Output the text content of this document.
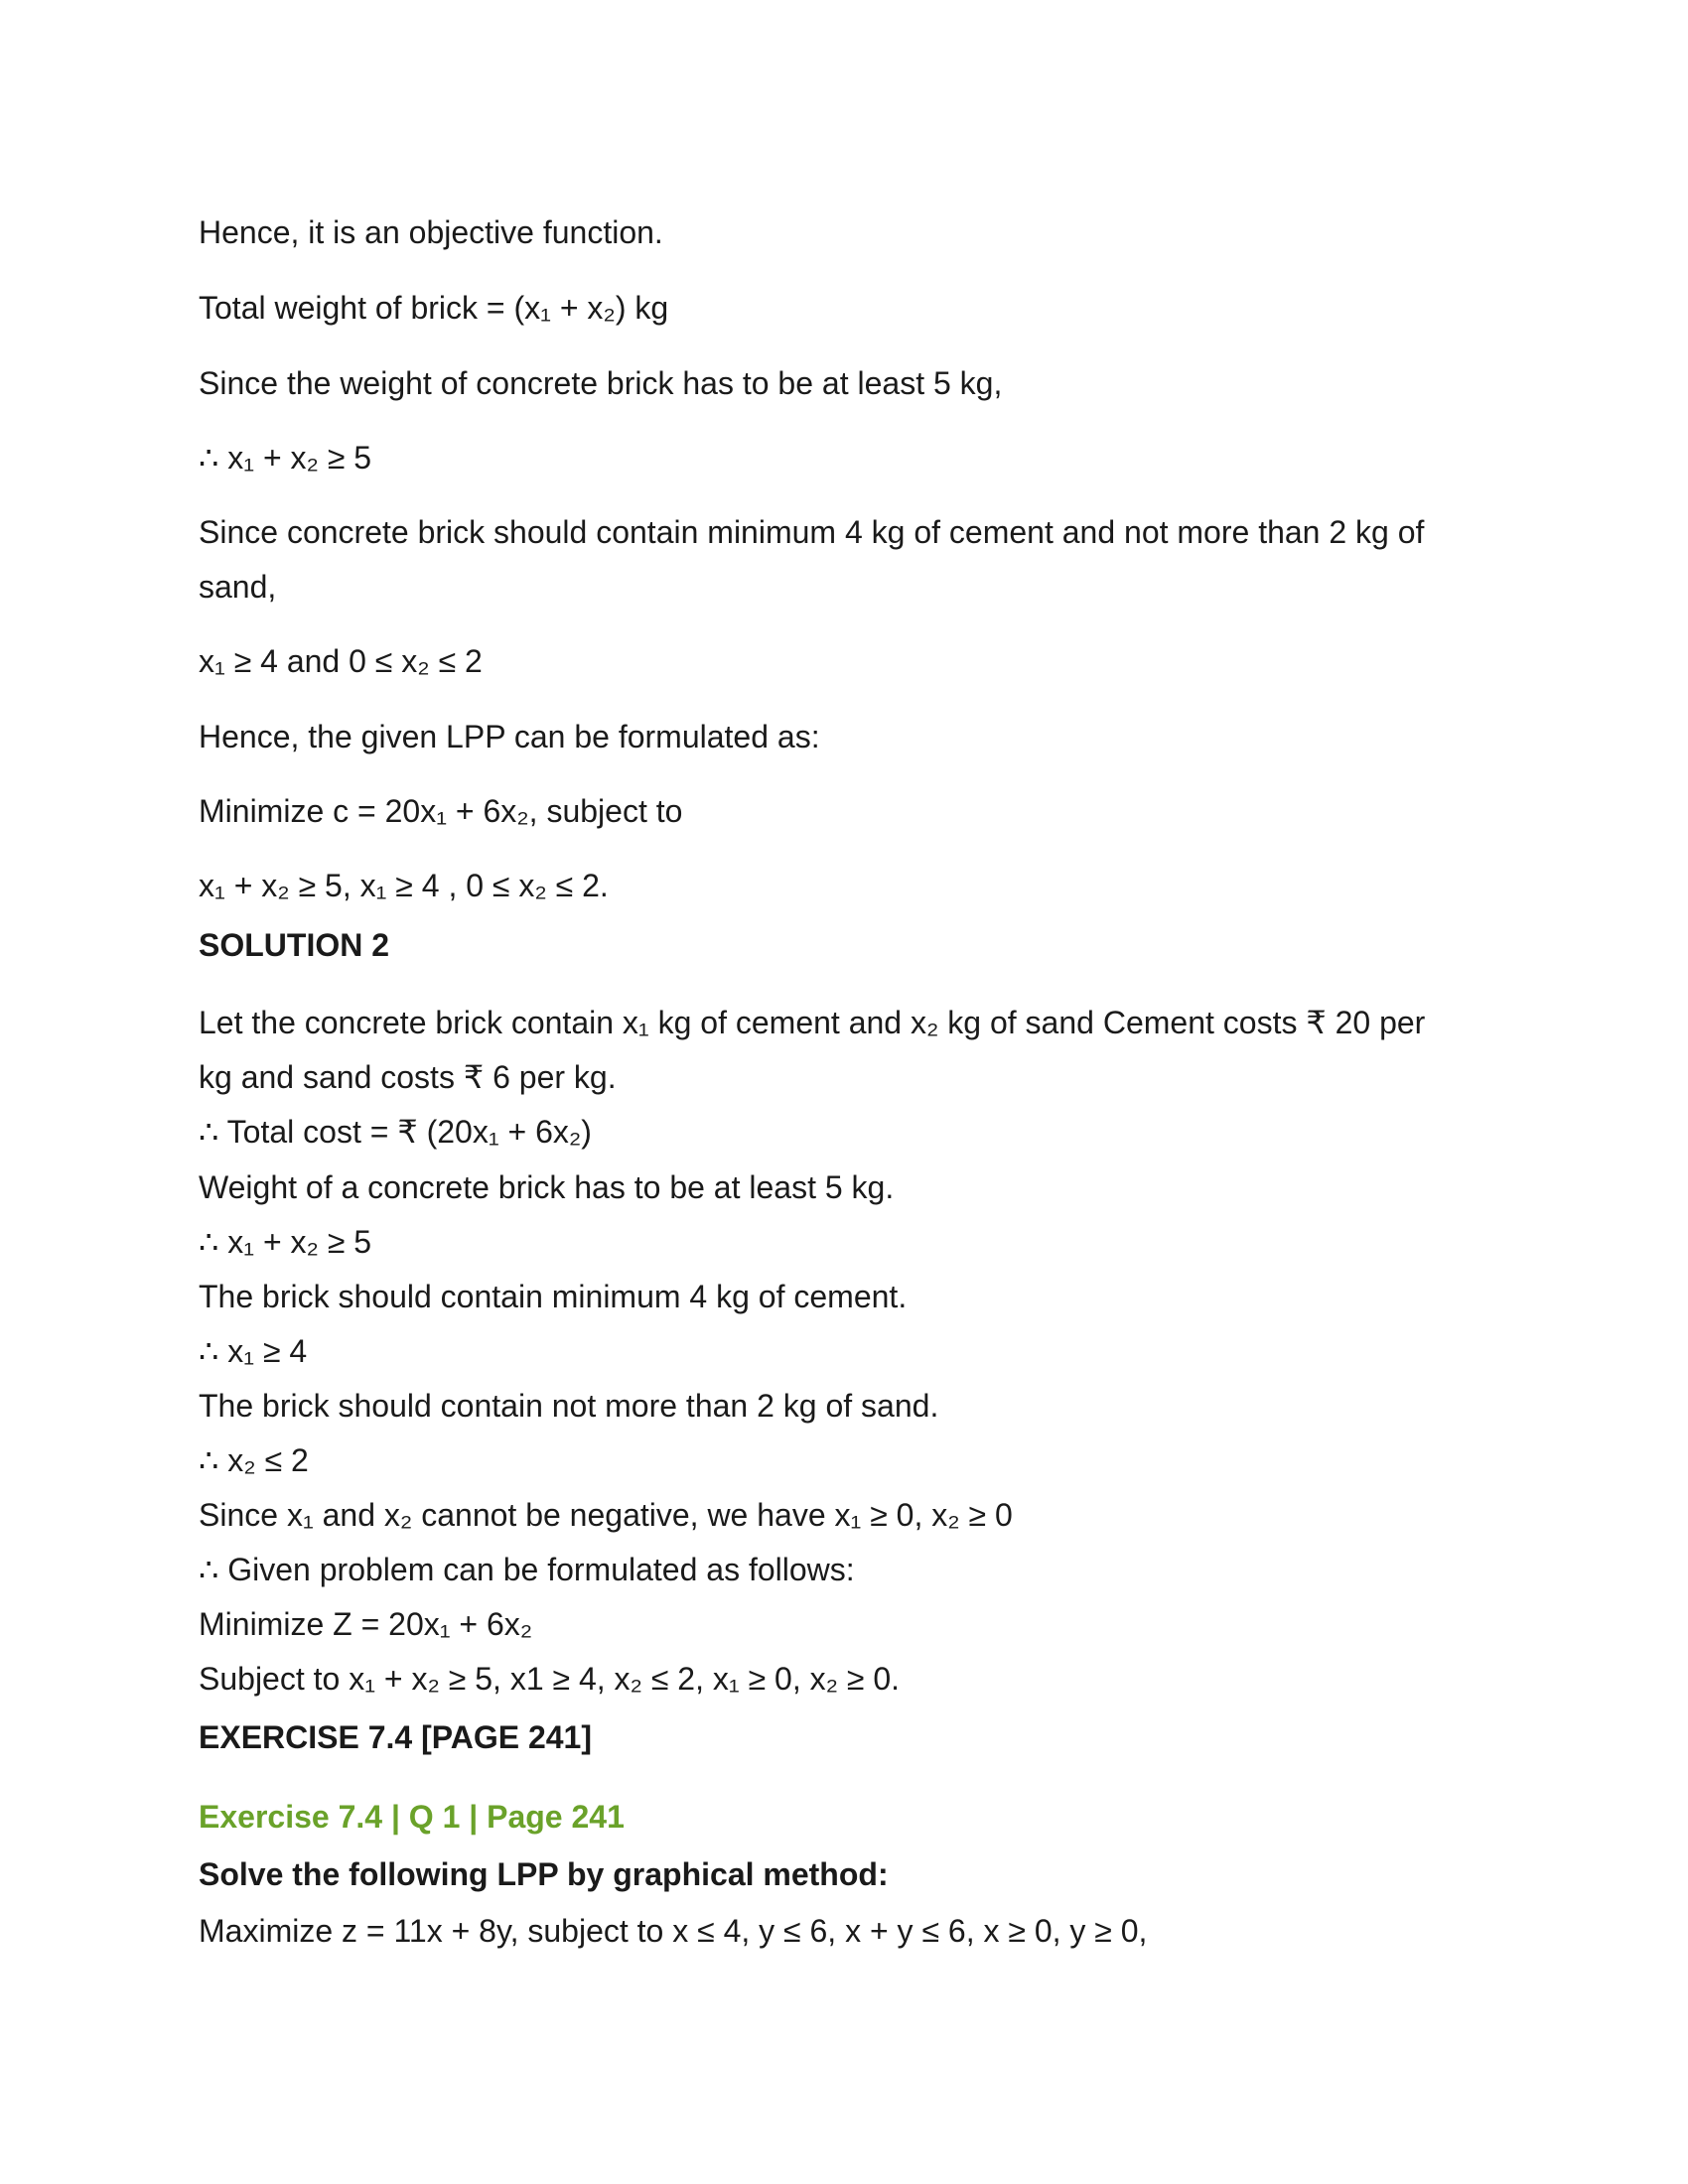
Hence, it is an objective function.
Total weight of brick = (x₁ + x₂) kg
Since the weight of concrete brick has to be at least 5 kg,
∴ x₁ + x₂ ≥ 5
Since concrete brick should contain minimum 4 kg of cement and not more than 2 kg of
sand,
x₁ ≥ 4 and 0 ≤ x₂ ≤ 2
Hence, the given LPP can be formulated as:
Minimize c = 20x₁ + 6x₂, subject to
x₁ + x₂ ≥ 5, x₁ ≥ 4 , 0 ≤ x₂ ≤ 2.
SOLUTION 2
Let the concrete brick contain x₁ kg of cement and x₂ kg of sand Cement costs ₹ 20 per
kg and sand costs ₹ 6 per kg.
∴ Total cost = ₹ (20x₁ + 6x₂)
Weight of a concrete brick has to be at least 5 kg.
∴ x₁ + x₂ ≥ 5
The brick should contain minimum 4 kg of cement.
∴ x₁ ≥ 4
The brick should contain not more than 2 kg of sand.
∴ x₂ ≤ 2
Since x₁ and x₂ cannot be negative, we have x₁ ≥ 0, x₂ ≥ 0
∴ Given problem can be formulated as follows:
Minimize Z = 20x₁ + 6x₂
Subject to x₁ + x₂ ≥ 5, x1 ≥ 4, x₂ ≤ 2, x₁ ≥ 0, x₂ ≥ 0.
EXERCISE 7.4 [PAGE 241]
Exercise 7.4 | Q 1 | Page 241
Solve the following LPP by graphical method:
Maximize z = 11x + 8y, subject to x ≤ 4, y ≤ 6, x + y ≤ 6, x ≥ 0, y ≥ 0,
